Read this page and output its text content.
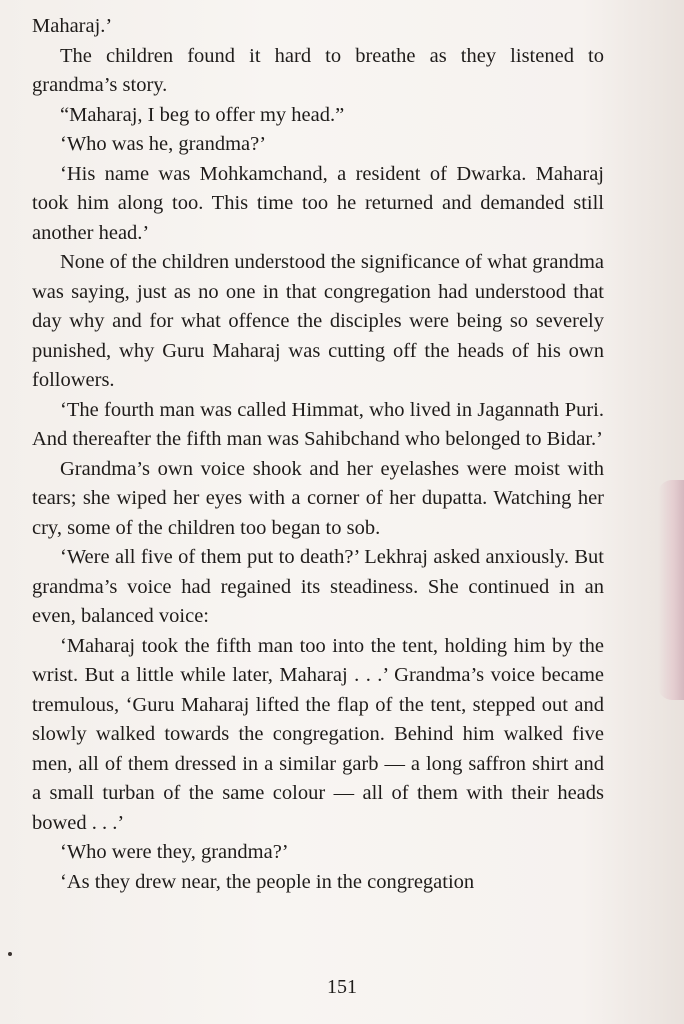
Maharaj.’

The children found it hard to breathe as they listened to grandma’s story.

“Maharaj, I beg to offer my head.”

‘Who was he, grandma?’

‘His name was Mohkamchand, a resident of Dwarka. Maharaj took him along too. This time too he returned and demanded still another head.’

None of the children understood the significance of what grandma was saying, just as no one in that congregation had understood that day why and for what offence the disciples were being so severely punished, why Guru Maharaj was cutting off the heads of his own followers.

‘The fourth man was called Himmat, who lived in Jagannath Puri. And thereafter the fifth man was Sahibchand who belonged to Bidar.’

Grandma’s own voice shook and her eyelashes were moist with tears; she wiped her eyes with a corner of her dupatta. Watching her cry, some of the children too began to sob.

‘Were all five of them put to death?’ Lekhraj asked anxiously. But grandma’s voice had regained its steadiness. She continued in an even, balanced voice:

‘Maharaj took the fifth man too into the tent, holding him by the wrist. But a little while later, Maharaj . . .’ Grandma’s voice became tremulous, ‘Guru Maharaj lifted the flap of the tent, stepped out and slowly walked towards the congregation. Behind him walked five men, all of them dressed in a similar garb — a long saffron shirt and a small turban of the same colour — all of them with their heads bowed . . .’

‘Who were they, grandma?’

‘As they drew near, the people in the congregation

151
